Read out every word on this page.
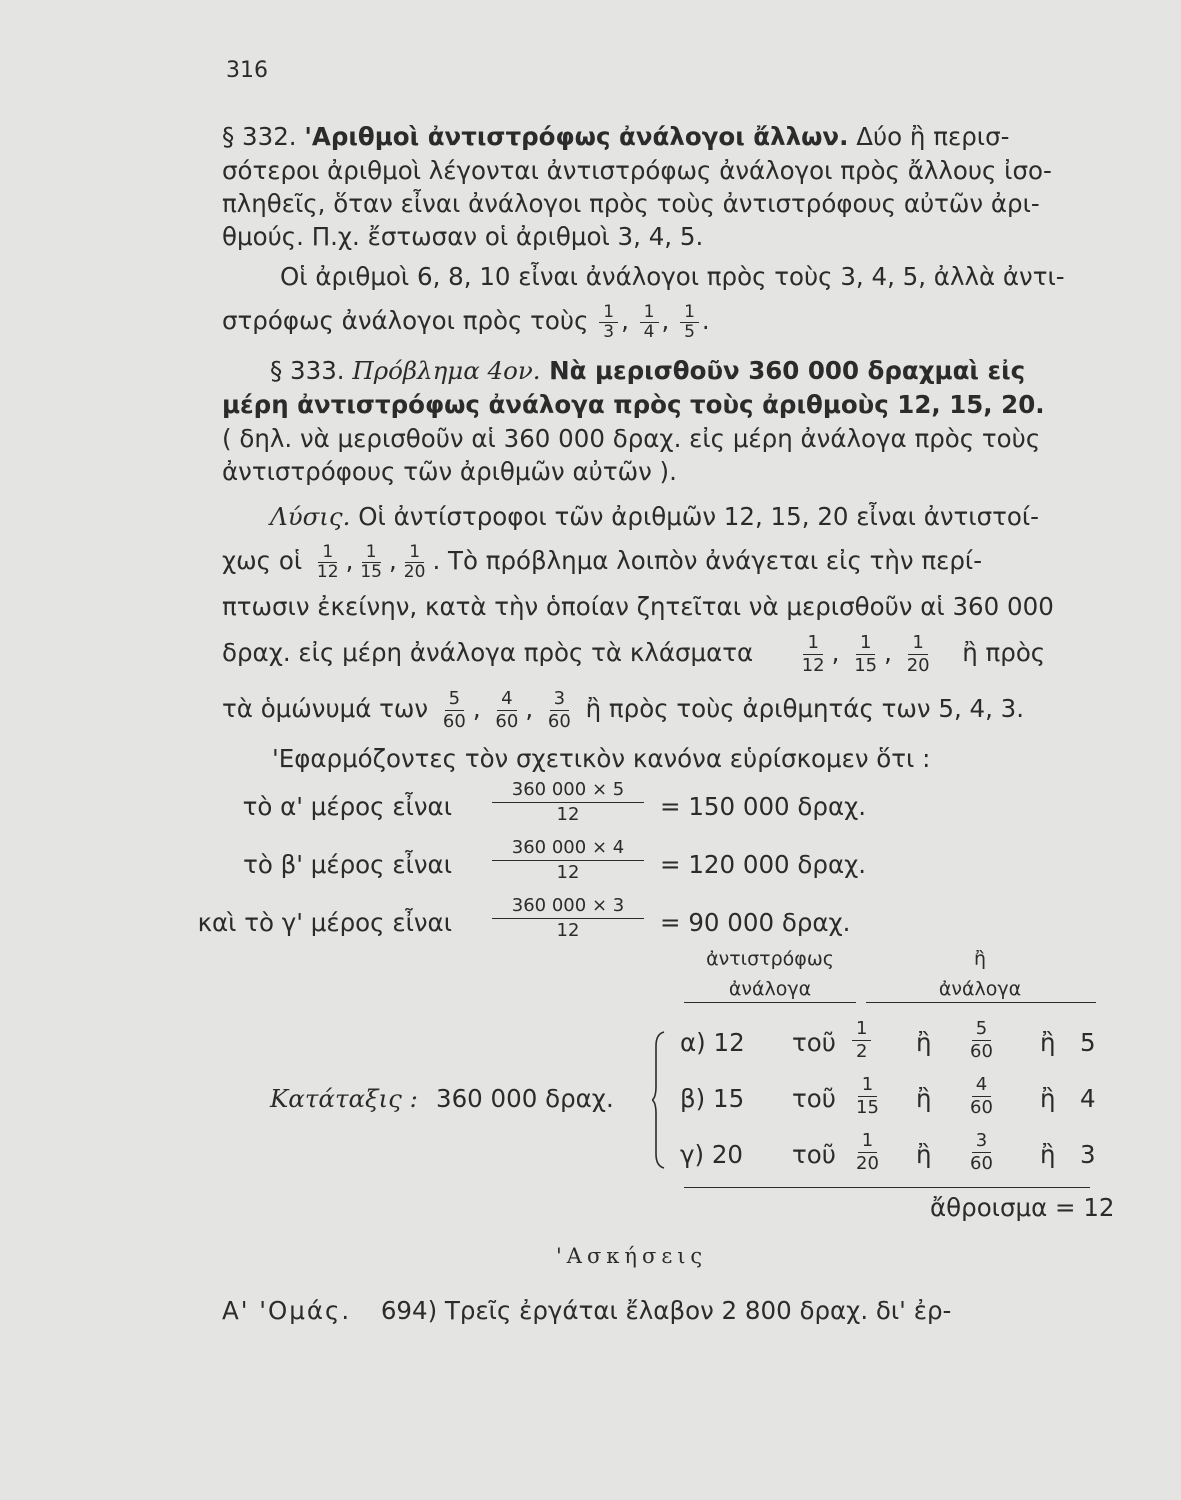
316
§ 332. 'Αριθμοὶ ἀντιστρόφως ἀνάλογοι ἄλλων. Δύο ἢ περισ-
σότεροι ἀριθμοὶ λέγονται ἀντιστρόφως ἀνάλογοι πρὸς ἄλλους ἰσο-
πληθεῖς, ὅταν εἶναι ἀνάλογοι πρὸς τοὺς ἀντιστρόφους αὐτῶν ἀρι-
θμούς. Π.χ. ἔστωσαν οἱ ἀριθμοὶ 3, 4, 5.
Οἱ ἀριθμοὶ 6, 8, 10 εἶναι ἀνάλογοι πρὸς τοὺς 3, 4, 5, ἀλλὰ ἀντι-
στρόφως ἀνάλογοι πρὸς τοὺς $\frac{1}{3}$ , $\frac{1}{4}$ , $\frac{1}{5}$ .
§ 333. Πρόβλημα 4ον. Νὰ μερισθοῦν 360 000 δραχμαὶ εἰς
μέρη ἀντιστρόφως ἀνάλογα πρὸς τοὺς ἀριθμοὺς 12, 15, 20.
( δηλ. νὰ μερισθοῦν αἱ 360 000 δραχ. εἰς μέρη ἀνάλογα πρὸς τοὺς
ἀντιστρόφους τῶν ἀριθμῶν αὐτῶν ).
Λύσις. Οἱ ἀντίστροφοι τῶν ἀριθμῶν 12, 15, 20 εἶναι ἀντιστοί-
χως οἱ $\frac{1}{12}$ , $\frac{1}{15}$ , $\frac{1}{20}$ . Τὸ πρόβλημα λοιπὸν ἀνάγεται εἰς τὴν περί-
πτωσιν ἐκείνην, κατὰ τὴν ὁποίαν ζητεῖται νὰ μερισθοῦν αἱ 360 000
δραχ. εἰς μέρη ἀνάλογα πρὸς τὰ κλάσματα $\frac{1}{12}$ , $\frac{1}{15}$ , $\frac{1}{20}$ ἢ πρὸς
τὰ ὁμώνυμά των $\frac{5}{60}$ , $\frac{4}{60}$ , $\frac{3}{60}$ ἢ πρὸς τοὺς ἀριθμητάς των 5, 4, 3.
'Εφαρμόζοντες τὸν σχετικὸν κανόνα εὑρίσκομεν ὅτι :
τὸ α' μέρος εἶναι $\frac{360 000 \times 5}{12} = 150$ 000 δραχ.
τὸ β' μέρος εἶναι $\frac{360 000 \times 4}{12} = 120$ 000 δραχ.
καὶ τὸ γ' μέρος εἶναι $\frac{360 000 \times 3}{12} = 90$ 000 δραχ.
ἀντιστρόφως
ἀνάλογα
ἢ
ἀνάλογα
Κατάταξις : 360 000 δραχ.
α) 12 τοῦ 1
2 ἢ 5
60 ἢ 5
β) 15 τοῦ 1
15 ἢ 4
60 ἢ 4
γ) 20 τοῦ 1
20 ἢ 3
60 ἢ 3
ἄθροισμα = 12
'Ασκήσεις
Α' 'Ομάς. 694) Τρεῖς ἐργάται ἔλαβον 2 800 δραχ. δι' ἐρ-
